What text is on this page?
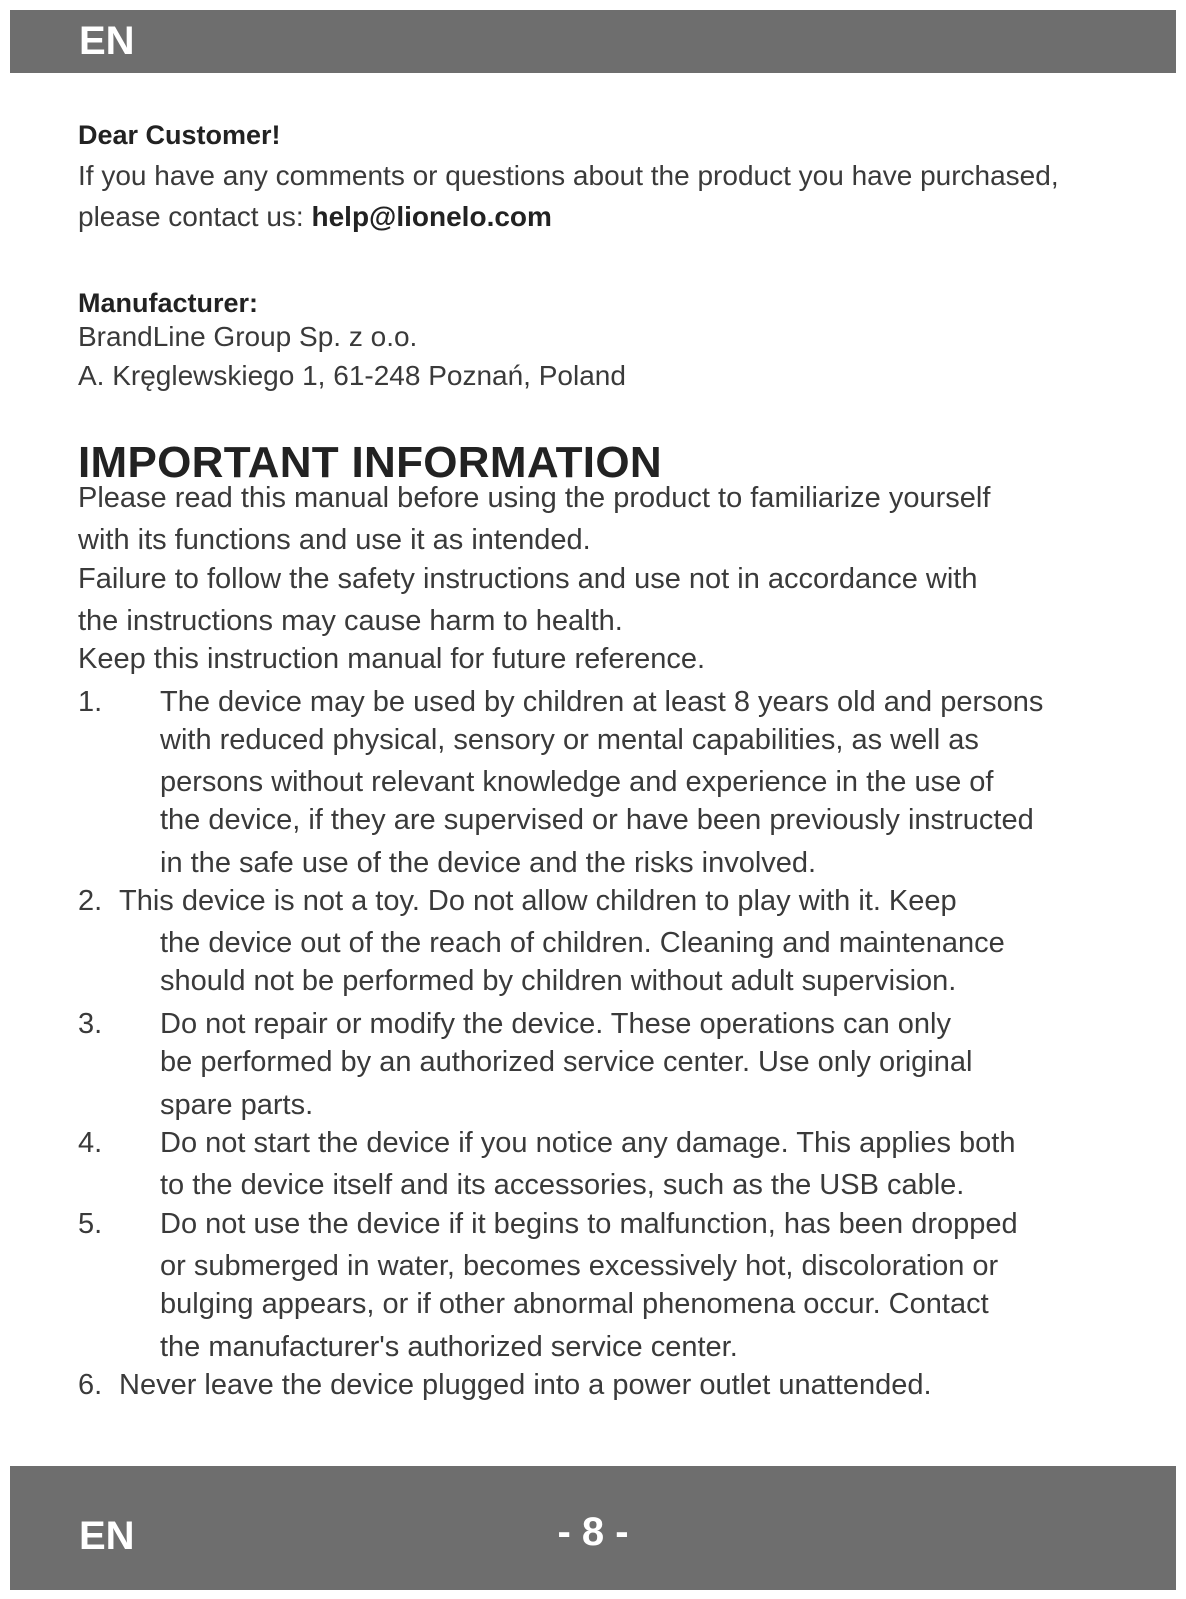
EN
Dear Customer!
If you have any comments or questions about the product you have purchased,
please contact us: help@lionelo.com
Manufacturer:
BrandLine Group Sp. z o.o.
A. Kręglewskiego 1, 61-248 Poznań, Poland
IMPORTANT INFORMATION
Please read this manual before using the product to familiarize yourself
with its functions and use it as intended.
Failure to follow the safety instructions and use not in accordance with
the instructions may cause harm to health.
Keep this instruction manual for future reference.
1. The device may be used by children at least 8 years old and persons
with reduced physical, sensory or mental capabilities, as well as
persons without relevant knowledge and experience in the use of
the device, if they are supervised or have been previously instructed
in the safe use of the device and the risks involved.
2. This device is not a toy. Do not allow children to play with it. Keep
the device out of the reach of children. Cleaning and maintenance
should not be performed by children without adult supervision.
3. Do not repair or modify the device. These operations can only
be performed by an authorized service center. Use only original
spare parts.
4. Do not start the device if you notice any damage. This applies both
to the device itself and its accessories, such as the USB cable.
5. Do not use the device if it begins to malfunction, has been dropped
or submerged in water, becomes excessively hot, discoloration or
bulging appears, or if other abnormal phenomena occur. Contact
the manufacturer's authorized service center.
6. Never leave the device plugged into a power outlet unattended.
EN	- 8 -
